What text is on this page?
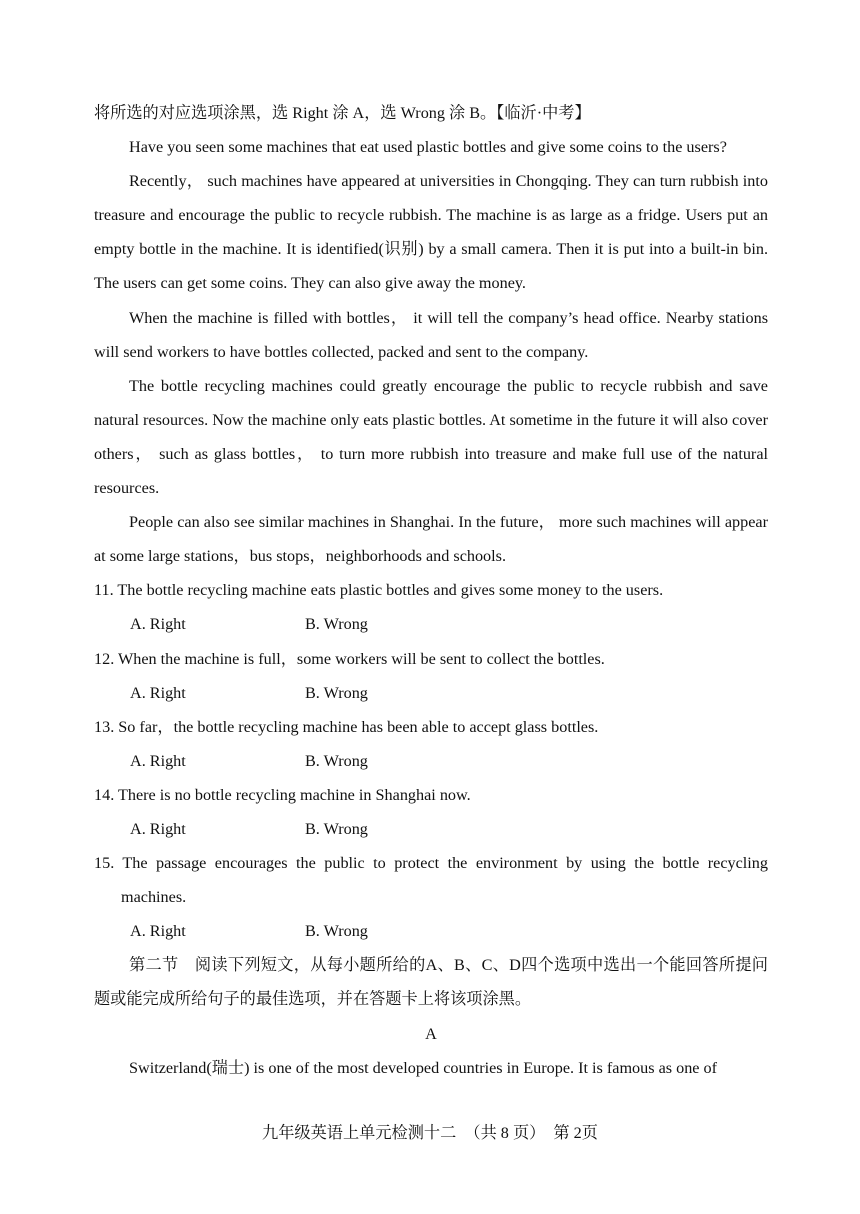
将所选的对应选项涂黑，选 Right 涂 A，选 Wrong 涂 B。【临沂·中考】

Have you seen some machines that eat used plastic bottles and give some coins to the users?

Recently， such machines have appeared at universities in Chongqing. They can turn rubbish into treasure and encourage the public to recycle rubbish. The machine is as large as a fridge. Users put an empty bottle in the machine. It is identified(识别) by a small camera. Then it is put into a built-in bin. The users can get some coins. They can also give away the money.

When the machine is filled with bottles， it will tell the company’s head office. Nearby stations will send workers to have bottles collected, packed and sent to the company.

The bottle recycling machines could greatly encourage the public to recycle rubbish and save natural resources. Now the machine only eats plastic bottles. At sometime in the future it will also cover others， such as glass bottles， to turn more rubbish into treasure and make full use of the natural resources.

People can also see similar machines in Shanghai. In the future， more such machines will appear at some large stations，bus stops，neighborhoods and schools.

11. The bottle recycling machine eats plastic bottles and gives some money to the users.

A. Right	B. Wrong

12. When the machine is full，some workers will be sent to collect the bottles.

A. Right	B. Wrong

13. So far，the bottle recycling machine has been able to accept glass bottles.

A. Right	B. Wrong

14. There is no bottle recycling machine in Shanghai now.

A. Right	B. Wrong

15. The passage encourages the public to protect the environment by using the bottle recycling machines.

A. Right	B. Wrong

第二节　阅读下列短文，从每小题所给的A、B、C、D四个选项中选出一个能回答所提问题或能完成所给句子的最佳选项，并在答题卡上将该项涂黑。

A

Switzerland(瑞士) is one of the most developed countries in Europe. It is famous as one of

九年级英语上单元检测十二　（共 8 页）　第 2页
